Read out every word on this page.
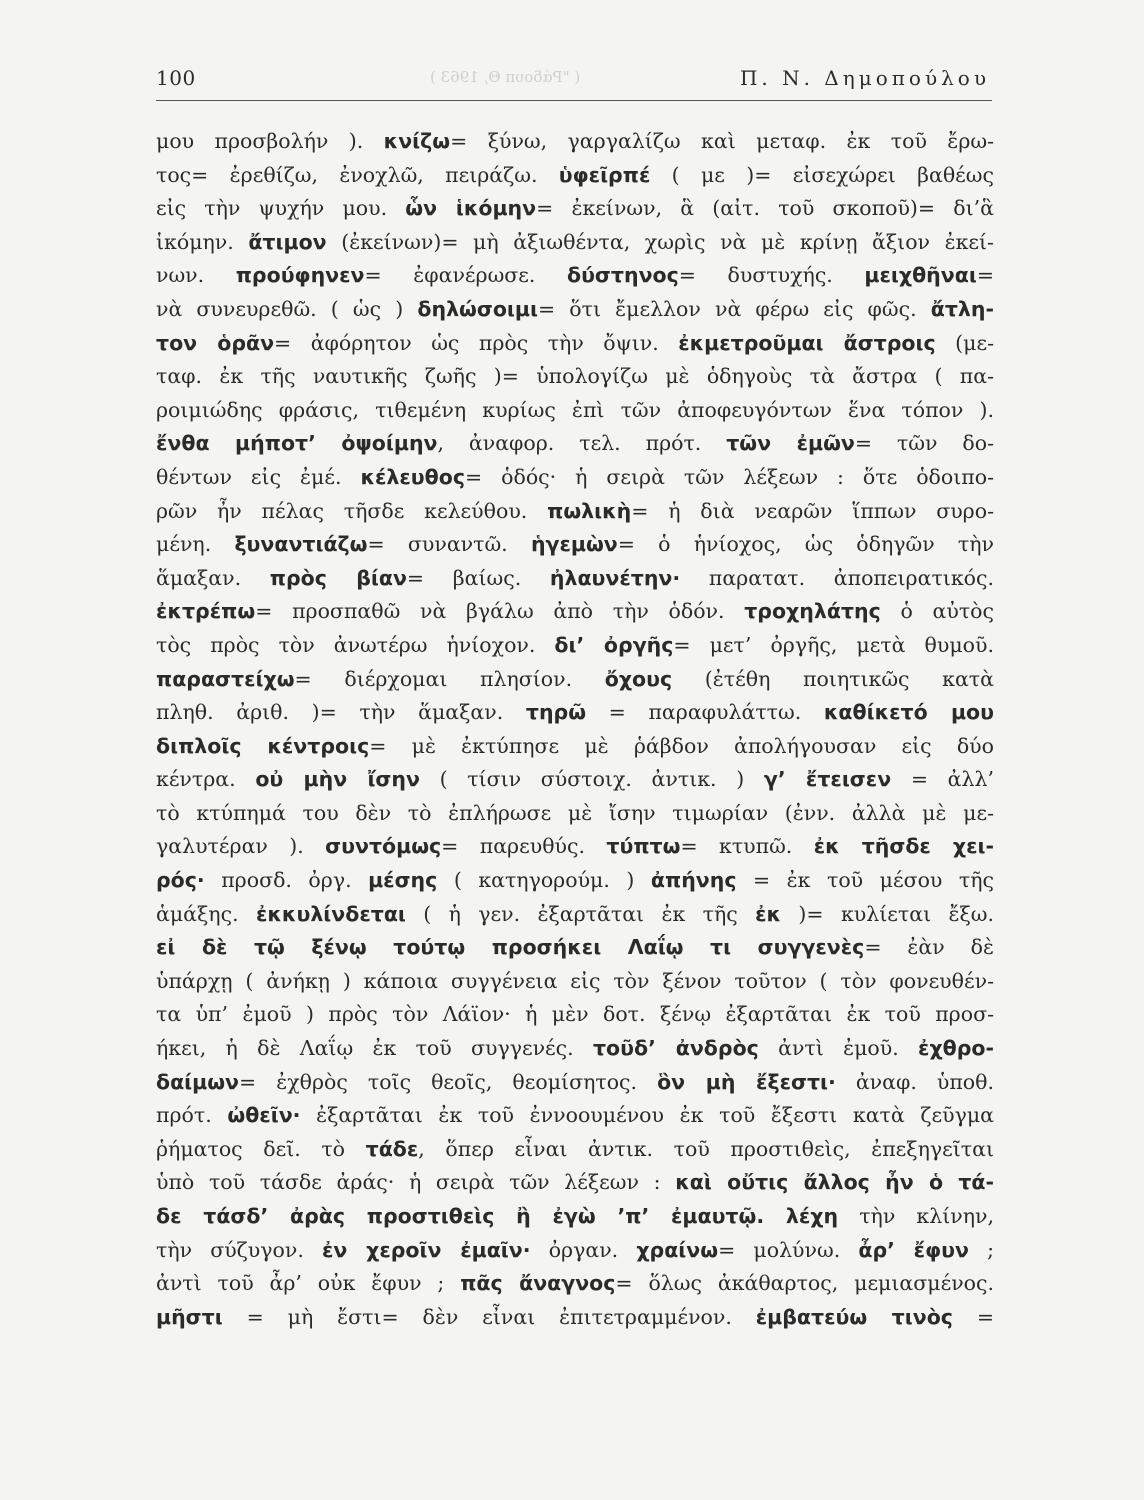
100	( "Ράδουπ Θ, 1963 )	Π. Ν. Δημοπούλου
μου προσβολήν ). κνίζω= ξύνω, γαργαλίζω καὶ μεταφ. ἐκ τοῦ ἔρω-
τος= ἐρεθίζω, ἐνοχλῶ, πειράζω. ὑφεῖρπέ ( με )= εἰσεχώρει βαθέως
εἰς τὴν ψυχήν μου. ὧν ἱκόμην= ἐκείνων, ἃ (αἰτ. τοῦ σκοποῦ)= δι’ἃ
ἱκόμην. ἄτιμον (ἐκείνων)= μὴ ἀξιωθέντα, χωρὶς νὰ μὲ κρίνῃ ἄξιον ἐκεί-
νων. προύφηνεν= ἐφανέρωσε. δύστηνος= δυστυχής. μειχθῆναι=
νὰ συνευρεθῶ. ( ὡς ) δηλώσοιμι= ὅτι ἔμελλον νὰ φέρω εἰς φῶς. ἄτλη-
τον ὁρᾶν= ἀφόρητον ὡς πρὸς τὴν ὄψιν. ἐκμετροῦμαι ἄστροις (με-
ταφ. ἐκ τῆς ναυτικῆς ζωῆς )= ὑπολογίζω μὲ ὁδηγοὺς τὰ ἄστρα ( πα-
ροιμιώδης φράσις, τιθεμένη κυρίως ἐπὶ τῶν ἀποφευγόντων ἕνα τόπον ).
ἔνθα μήποτ’ ὀψοίμην, ἀναφορ. τελ. πρότ. τῶν ἐμῶν= τῶν δο-
θέντων εἰς ἐμέ. κέλευθος= ὁδός· ἡ σειρὰ τῶν λέξεων : ὅτε ὁδοιπο-
ρῶν ἦν πέλας τῆσδε κελεύθου. πωλικὴ= ἡ διὰ νεαρῶν ἵππων συρο-
μένη. ξυναντιάζω= συναντῶ. ἡγεμὼν= ὁ ἡνίοχος, ὡς ὁδηγῶν τὴν
ἅμαξαν. πρὸς βίαν= βαίως. ἠλαυνέτην· παρατατ. ἀποπειρατικός.
ἐκτρέπω= προσπαθῶ νὰ βγάλω ἀπὸ τὴν ὁδόν. τροχηλάτης ὁ αὐτὸς
τὸς πρὸς τὸν ἀνωτέρω ἡνίοχον. δι’ ὀργῆς= μετ’ ὀργῆς, μετὰ θυμοῦ.
παραστείχω= διέρχομαι πλησίον. ὄχους (ἐτέθη ποιητικῶς κατὰ
πληθ. ἀριθ. )= τὴν ἅμαξαν. τηρῶ = παραφυλάττω. καθίκετό μου
διπλοῖς κέντροις= μὲ ἐκτύπησε μὲ ῥάβδον ἀπολήγουσαν εἰς δύο
κέντρα. οὐ μὴν ἴσην ( τίσιν σύστοιχ. ἀντικ. ) γ’ ἔτεισεν = ἀλλ’
τὸ κτύπημά του δὲν τὸ ἐπλήρωσε μὲ ἴσην τιμωρίαν (ἐνν. ἀλλὰ μὲ με-
γαλυτέραν ). συντόμως= παρευθύς. τύπτω= κτυπῶ. ἐκ τῆσδε χει-
ρός· προσδ. ὀργ. μέσης ( κατηγορούμ. ) ἀπήνης = ἐκ τοῦ μέσου τῆς
ἁμάξης. ἐκκυλίνδεται ( ἡ γεν. ἐξαρτᾶται ἐκ τῆς ἐκ )= κυλίεται ἔξω.
εἰ δὲ τῷ ξένῳ τούτῳ προσήκει Λαΐῳ τι συγγενὲς= ἐὰν δὲ
ὑπάρχῃ ( ἀνήκῃ ) κάποια συγγένεια εἰς τὸν ξένον τοῦτον ( τὸν φονευθέν-
τα ὑπ’ ἐμοῦ ) πρὸς τὸν Λάϊον· ἡ μὲν δοτ. ξένῳ ἐξαρτᾶται ἐκ τοῦ προσ-
ήκει, ἡ δὲ Λαΐῳ ἐκ τοῦ συγγενές. τοῦδ’ ἀνδρὸς ἀντὶ ἐμοῦ. ἐχθρο-
δαίμων= ἐχθρὸς τοῖς θεοῖς, θεομίσητος. ὃν μὴ ἔξεστι· ἀναφ. ὑποθ.
πρότ. ὠθεῖν· ἐξαρτᾶται ἐκ τοῦ ἐννοουμένου ἐκ τοῦ ἔξεστι κατὰ ζεῦγμα
ῥήματος δεῖ. τὸ τάδε, ὅπερ εἶναι ἀντικ. τοῦ προστιθεὶς, ἐπεξηγεῖται
ὑπὸ τοῦ τάσδε ἀράς· ἡ σειρὰ τῶν λέξεων : καὶ οὔτις ἄλλος ἦν ὁ τά-
δε τάσδ’ ἀρὰς προστιθεὶς ἢ ἐγὼ ’π’ ἐμαυτῷ. λέχη τὴν κλίνην,
τὴν σύζυγον. ἐν χεροῖν ἐμαῖν· ὀργαν. χραίνω= μολύνω. ἆρ’ ἔφυν ;
ἀντὶ τοῦ ἆρ’ οὐκ ἔφυν ; πᾶς ἄναγνος= ὅλως ἀκάθαρτος, μεμιασμένος.
μῆστι = μὴ ἔστι= δὲν εἶναι ἐπιτετραμμένον. ἐμβατεύω τινὸς =
